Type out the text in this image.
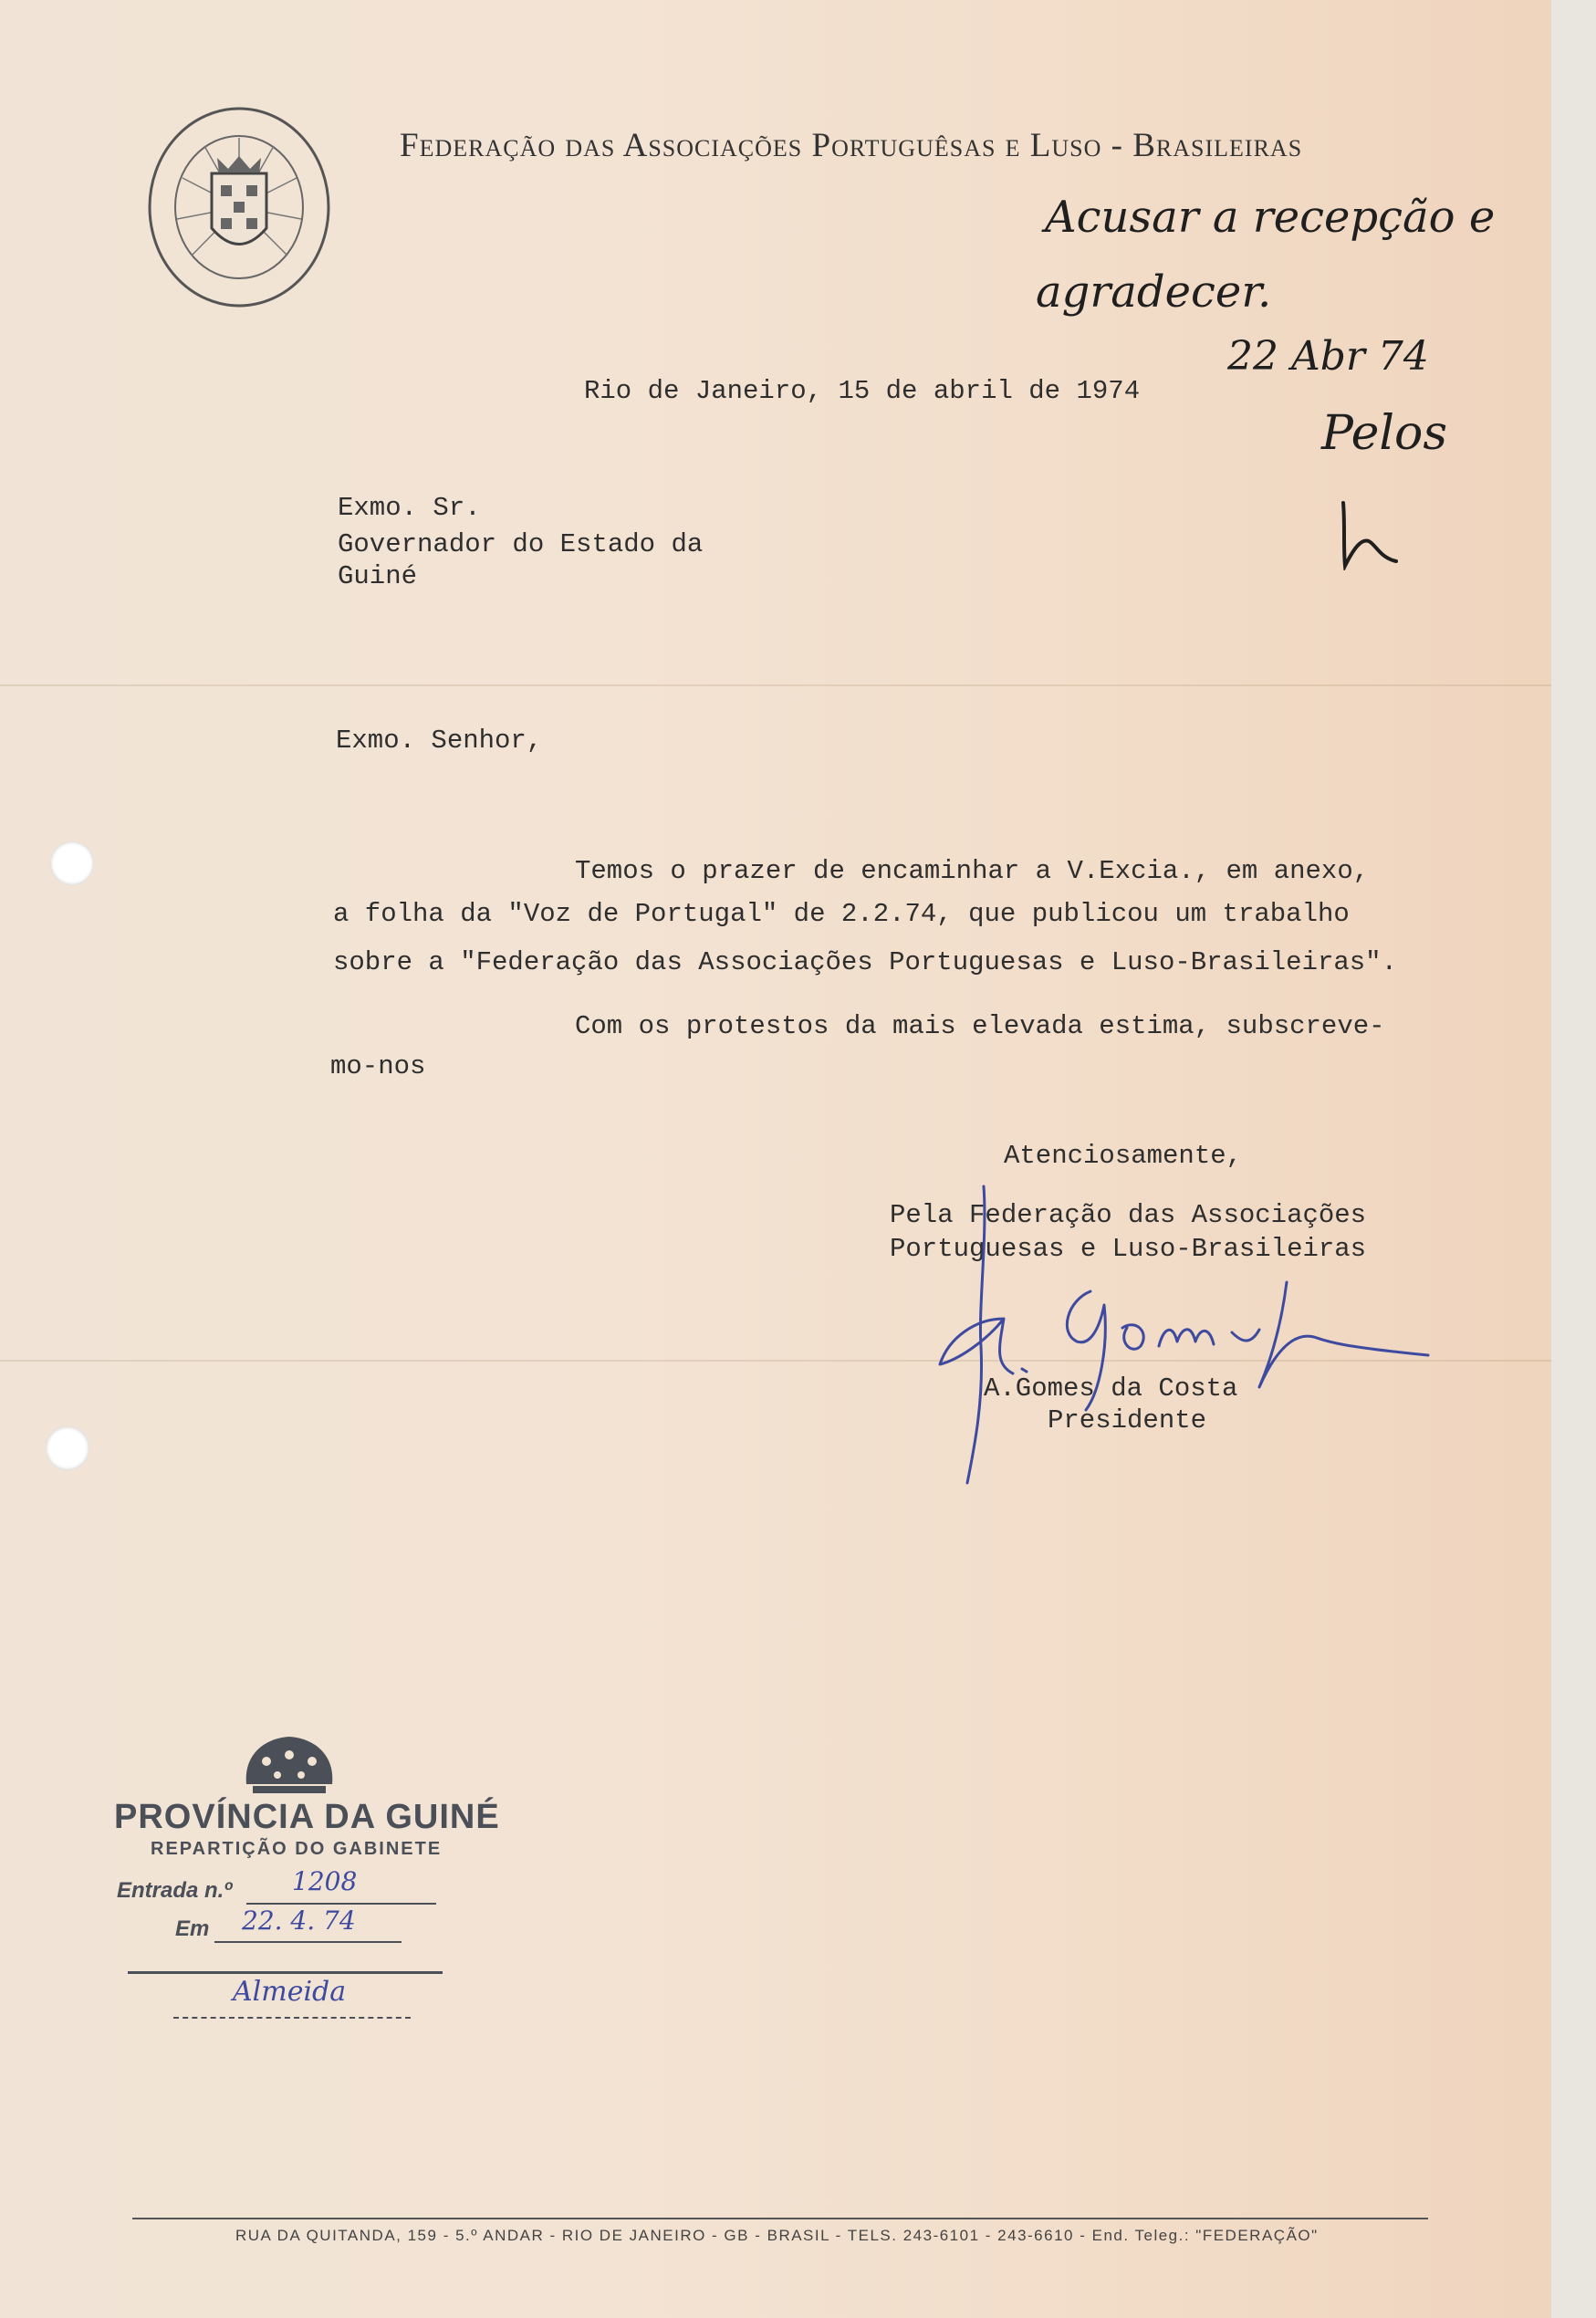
Federação das Associações Portuguêsas e Luso - Brasileiras
Acusar a recepção e
agradecer.
22 Abr 74
Pelos
Rio de Janeiro, 15 de abril de 1974
Exmo. Sr.
Governador do Estado da
Guiné
Exmo. Senhor,
Temos o prazer de encaminhar a V.Excia., em anexo,
a folha da "Voz de Portugal" de 2.2.74, que publicou um trabalho
sobre a "Federação das Associações Portuguesas e Luso-Brasileiras".
Com os protestos da mais elevada estima, subscreve-
mo-nos
Atenciosamente,
Pela Federação das Associações
Portuguesas e Luso-Brasileiras
A.Gomes da Costa
Presidente
PROVÍNCIA DA GUINÉ
REPARTIÇÃO DO GABINETE
Entrada n.º 1208
Em 22. 4. 74
Almeida
RUA DA QUITANDA, 159 - 5.º ANDAR - RIO DE JANEIRO - GB - BRASIL - TELS. 243-6101 - 243-6610 - End. Teleg.: "FEDERAÇÃO"
